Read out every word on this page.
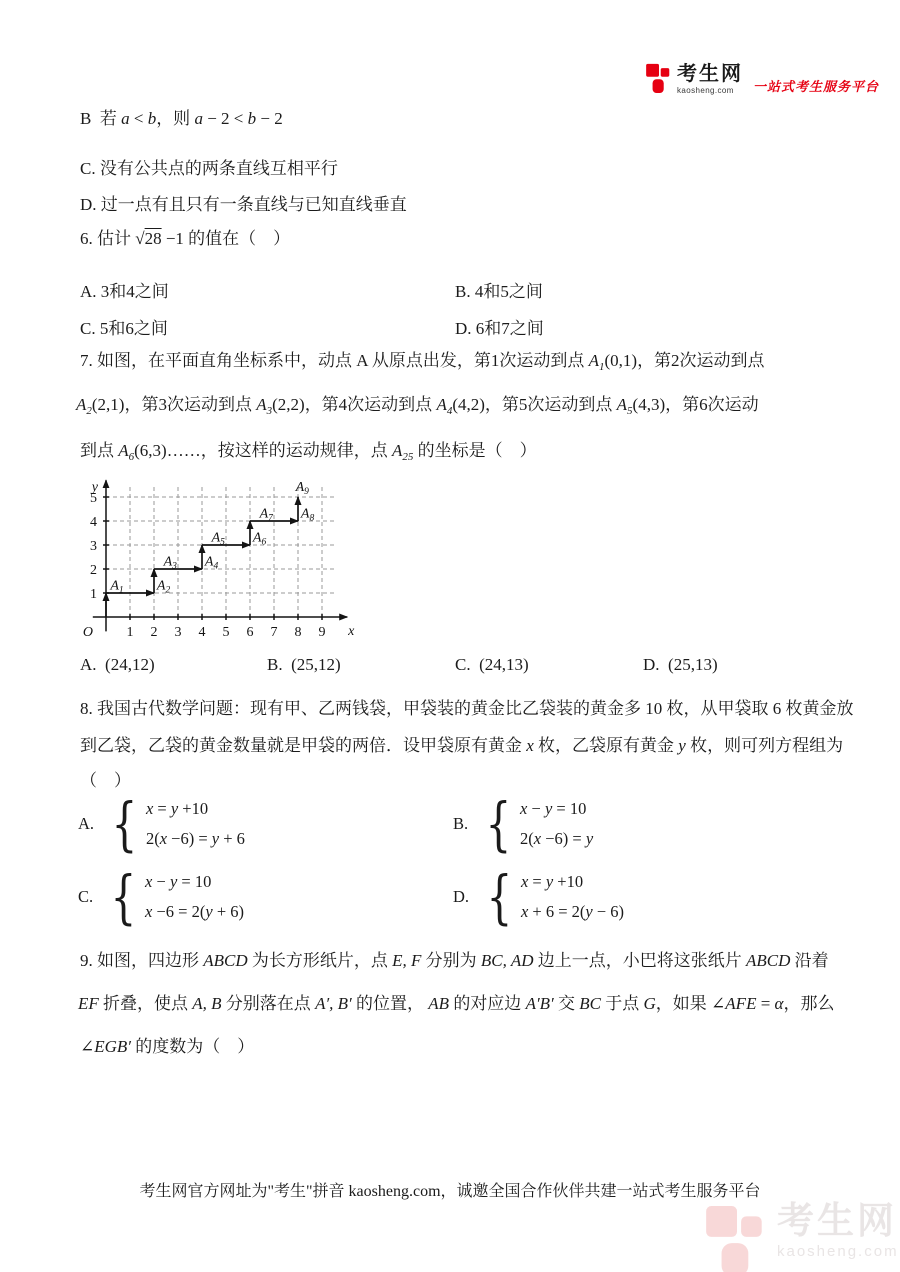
考生网
kaosheng.com	一站式考生服务平台
B  若 a < b，则 a − 2 < b − 2
C. 没有公共点的两条直线互相平行
D. 过一点有且只有一条直线与已知直线垂直
6. 估计 √28 −1 的值在（　）
A. 3和4之间	B. 4和5之间
C. 5和6之间	D. 6和7之间
7. 如图，在平面直角坐标系中，动点 A 从原点出发，第1次运动到点 $A_1(0,1)$，第2次运动到点
$A_2(2,1)$，第3次运动到点 $A_3(2,2)$，第4次运动到点 $A_4(4,2)$，第5次运动到点 $A_5(4,3)$，第6次运动
到点 $A_6(6,3)\dots\dots$，按这样的运动规律，点 $A_{25}$ 的坐标是（　）
1 2 3 4 5 6 7 8 9
1
2
3
4
5
O	x
y
$A_1$ $A_2$
$A_3$ $A_4$
$A_5$ $A_6$
$A_7$ $A_8$
$A_9$
A.  (24,12)	B.  (25,12)	C.  (24,13)	D.  (25,13)
8. 我国古代数学问题：现有甲、乙两钱袋，甲袋装的黄金比乙袋装的黄金多 10 枚，从甲袋取 6 枚黄金放
到乙袋，乙袋的黄金数量就是甲袋的两倍．设甲袋原有黄金 x 枚，乙袋原有黄金 y 枚，则可列方程组为
（　）
A. { x = y +10
2(x −6) = y + 6
B. { x − y = 10
2(x −6) = y
C. { x − y = 10
x −6 = 2(y + 6)
D. { x = y +10
x + 6 = 2(y − 6)
9. 如图，四边形 ABCD 为长方形纸片，点 E, F 分别为 BC, AD 边上一点，小巴将这张纸片 ABCD 沿着
EF 折叠，使点 A, B 分别落在点 A′, B′ 的位置， AB 的对应边 A′B′ 交 BC 于点 G，如果 ∠AFE = α，那么
∠EGB′ 的度数为（　）
考生网官方网址为"考生"拼音 kaosheng.com，诚邀全国合作伙伴共建一站式考生服务平台
考生网
kaosheng.com
